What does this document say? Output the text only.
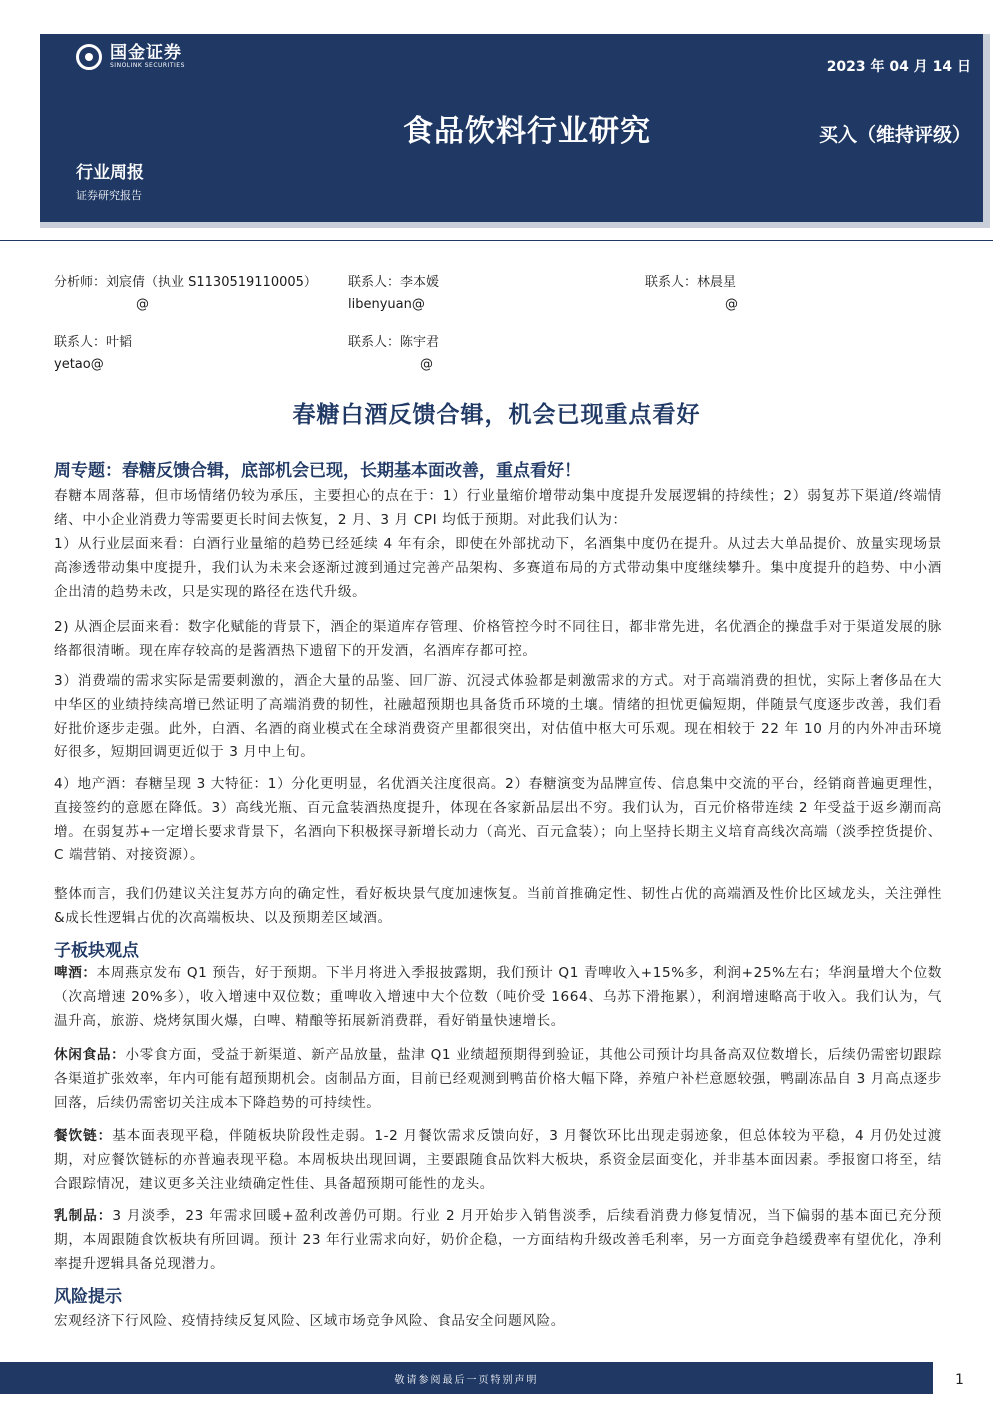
国金证券
SINOLINK SECURITIES	2023 年 04 月 14 日
食品饮料行业研究	买入（维持评级）
行业周报
证券研究报告
分析师：刘宸倩（执业 S1130519110005）
@
联系人：李本媛
libenyuan@
联系人：林晨星
@
联系人：叶韬
yetao@
联系人：陈宇君
@
春糖白酒反馈合辑，机会已现重点看好
周专题：春糖反馈合辑，底部机会已现，长期基本面改善，重点看好！
春糖本周落幕，但市场情绪仍较为承压，主要担心的点在于：1）行业量缩价增带动集中度提升发展逻辑的持续性；2）弱复苏下渠道/终端情绪、中小企业消费力等需要更长时间去恢复，2 月、3 月 CPI 均低于预期。对此我们认为：
1）从行业层面来看：白酒行业量缩的趋势已经延续 4 年有余，即使在外部扰动下，名酒集中度仍在提升。从过去大单品提价、放量实现场景高渗透带动集中度提升，我们认为未来会逐渐过渡到通过完善产品架构、多赛道布局的方式带动集中度继续攀升。集中度提升的趋势、中小酒企出清的趋势未改，只是实现的路径在迭代升级。
2) 从酒企层面来看：数字化赋能的背景下，酒企的渠道库存管理、价格管控今时不同往日，都非常先进，名优酒企的操盘手对于渠道发展的脉络都很清晰。现在库存较高的是酱酒热下遗留下的开发酒，名酒库存都可控。
3）消费端的需求实际是需要刺激的，酒企大量的品鉴、回厂游、沉浸式体验都是刺激需求的方式。对于高端消费的担忧，实际上奢侈品在大中华区的业绩持续高增已然证明了高端消费的韧性，社融超预期也具备货币环境的土壤。情绪的担忧更偏短期，伴随景气度逐步改善，我们看好批价逐步走强。此外，白酒、名酒的商业模式在全球消费资产里都很突出，对估值中枢大可乐观。现在相较于 22 年 10 月的内外冲击环境好很多，短期回调更近似于 3 月中上旬。
4）地产酒：春糖呈现 3 大特征：1）分化更明显，名优酒关注度很高。2）春糖演变为品牌宣传、信息集中交流的平台，经销商普遍更理性，直接签约的意愿在降低。3）高线光瓶、百元盒装酒热度提升，体现在各家新品层出不穷。我们认为，百元价格带连续 2 年受益于返乡潮而高增。在弱复苏+一定增长要求背景下，名酒向下积极探寻新增长动力（高光、百元盒装）；向上坚持长期主义培育高线次高端（淡季控货提价、C 端营销、对接资源）。
整体而言，我们仍建议关注复苏方向的确定性，看好板块景气度加速恢复。当前首推确定性、韧性占优的高端酒及性价比区域龙头，关注弹性&成长性逻辑占优的次高端板块、以及预期差区域酒。
子板块观点
啤酒：本周燕京发布 Q1 预告，好于预期。下半月将进入季报披露期，我们预计 Q1 青啤收入+15%多，利润+25%左右；华润量增大个位数（次高增速 20%多），收入增速中双位数；重啤收入增速中大个位数（吨价受 1664、乌苏下滑拖累），利润增速略高于收入。我们认为，气温升高，旅游、烧烤氛围火爆，白啤、精酿等拓展新消费群，看好销量快速增长。
休闲食品：小零食方面，受益于新渠道、新产品放量，盐津 Q1 业绩超预期得到验证，其他公司预计均具备高双位数增长，后续仍需密切跟踪各渠道扩张效率，年内可能有超预期机会。卤制品方面，目前已经观测到鸭苗价格大幅下降，养殖户补栏意愿较强，鸭副冻品自 3 月高点逐步回落，后续仍需密切关注成本下降趋势的可持续性。
餐饮链：基本面表现平稳，伴随板块阶段性走弱。1-2 月餐饮需求反馈向好，3 月餐饮环比出现走弱迹象，但总体较为平稳，4 月仍处过渡期，对应餐饮链标的亦普遍表现平稳。本周板块出现回调，主要跟随食品饮料大板块，系资金层面变化，并非基本面因素。季报窗口将至，结合跟踪情况，建议更多关注业绩确定性佳、具备超预期可能性的龙头。
乳制品：3 月淡季，23 年需求回暖+盈利改善仍可期。行业 2 月开始步入销售淡季，后续看消费力修复情况，当下偏弱的基本面已充分预期，本周跟随食饮板块有所回调。预计 23 年行业需求向好，奶价企稳，一方面结构升级改善毛利率，另一方面竞争趋缓费率有望优化，净利率提升逻辑具备兑现潜力。
风险提示
宏观经济下行风险、疫情持续反复风险、区域市场竞争风险、食品安全问题风险。
敬请参阅最后一页特别声明	1
